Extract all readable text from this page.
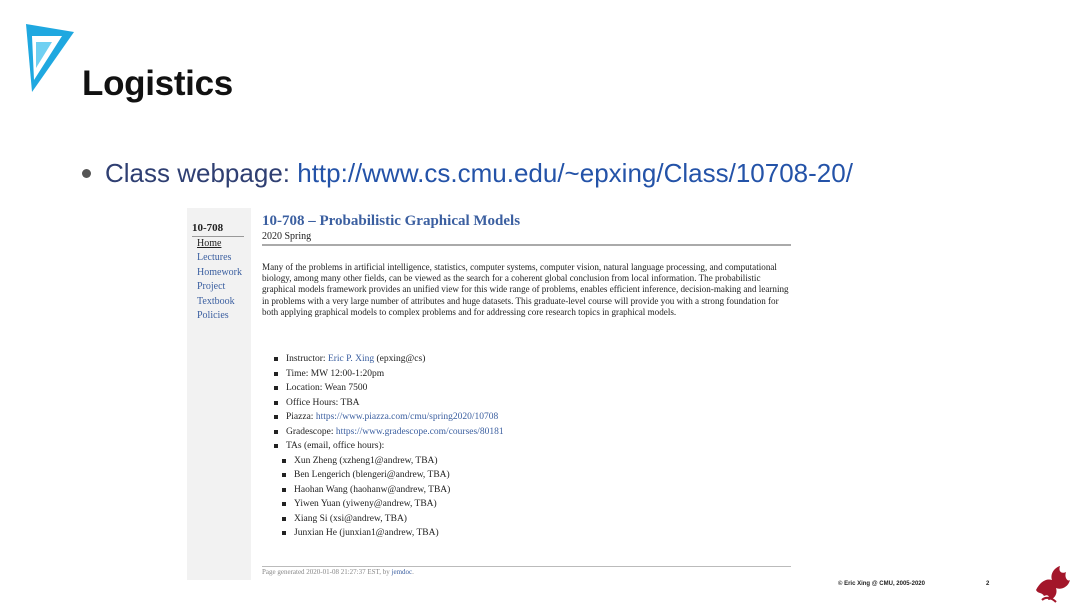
Logistics
Class webpage: http://www.cs.cmu.edu/~epxing/Class/10708-20/
10-708
Home
Lectures
Homework
Project
Textbook
Policies
10-708 – Probabilistic Graphical Models
2020 Spring
Many of the problems in artificial intelligence, statistics, computer systems, computer vision, natural language processing, and computational biology, among many other fields, can be viewed as the search for a coherent global conclusion from local information. The probabilistic graphical models framework provides an unified view for this wide range of problems, enables efficient inference, decision-making and learning in problems with a very large number of attributes and huge datasets. This graduate-level course will provide you with a strong foundation for both applying graphical models to complex problems and for addressing core research topics in graphical models.
Instructor: Eric P. Xing (epxing@cs)
Time: MW 12:00-1:20pm
Location: Wean 7500
Office Hours: TBA
Piazza: https://www.piazza.com/cmu/spring2020/10708
Gradescope: https://www.gradescope.com/courses/80181
TAs (email, office hours):
Xun Zheng (xzheng1@andrew, TBA)
Ben Lengerich (blengeri@andrew, TBA)
Haohan Wang (haohanw@andrew, TBA)
Yiwen Yuan (yiweny@andrew, TBA)
Xiang Si (xsi@andrew, TBA)
Junxian He (junxian1@andrew, TBA)
Page generated 2020-01-08 21:27:37 EST, by jemdoc.
© Eric Xing @ CMU, 2005-2020	2
